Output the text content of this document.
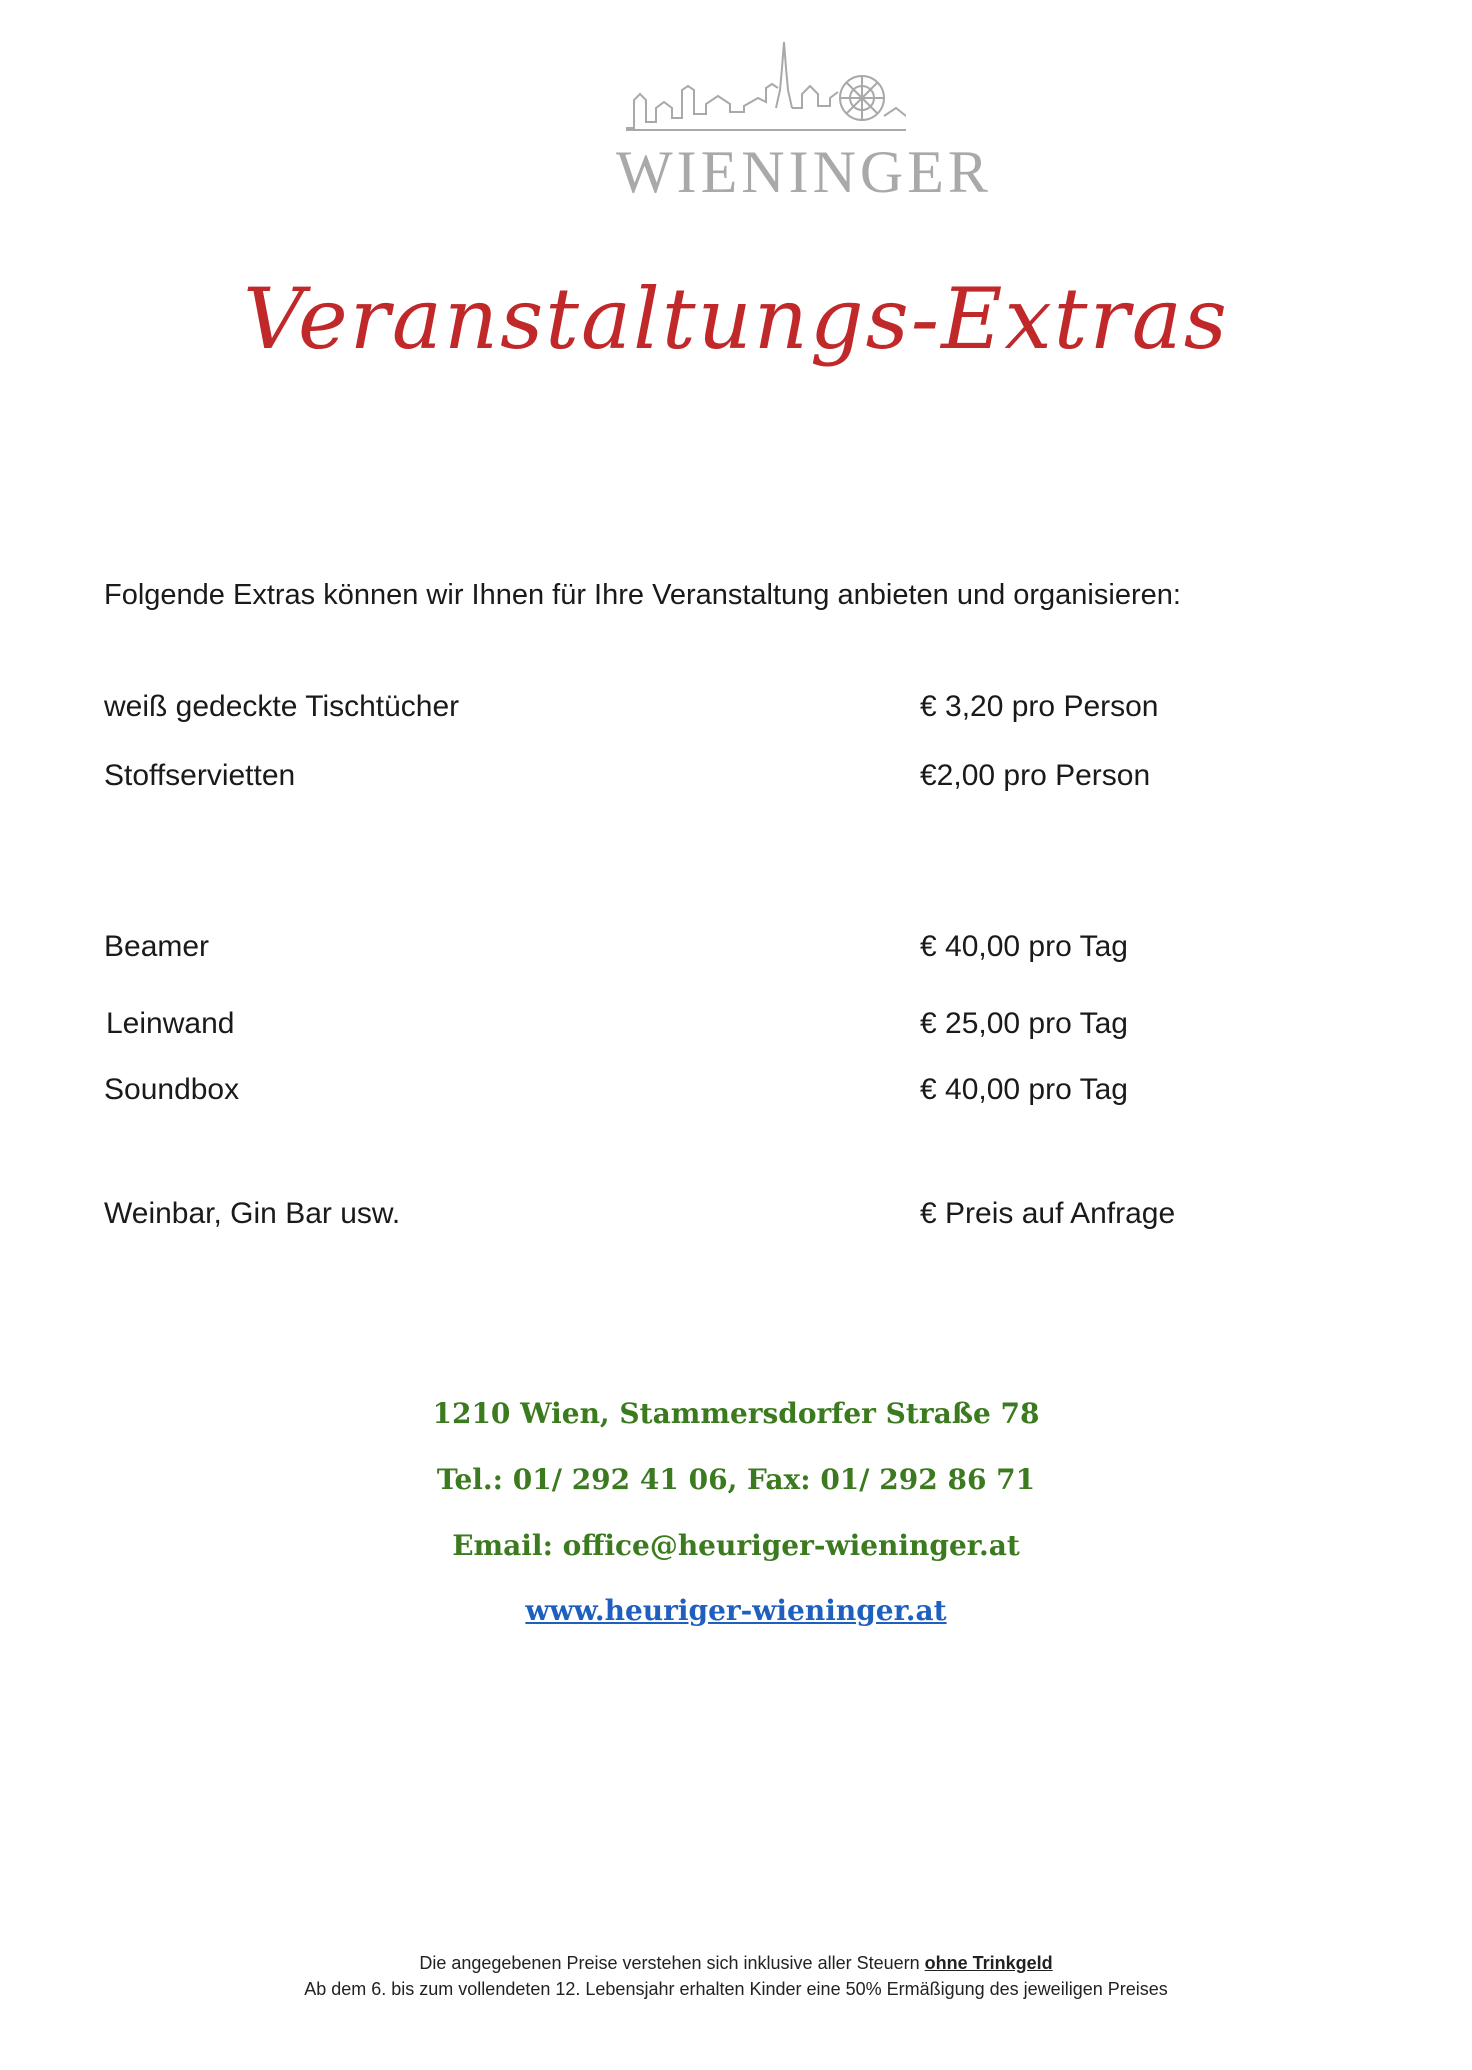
WIENINGER
Veranstaltungs-Extras
Folgende Extras können wir Ihnen für Ihre Veranstaltung anbieten und organisieren:
weiß gedeckte Tischtücher	€ 3,20 pro Person
Stoffservietten	€2,00 pro Person
Beamer	€ 40,00 pro Tag
Leinwand	€ 25,00 pro Tag
Soundbox	€ 40,00 pro Tag
Weinbar, Gin Bar usw.	€ Preis auf Anfrage
1210 Wien, Stammersdorfer Straße 78
Tel.: 01/ 292 41 06, Fax: 01/ 292 86 71
Email: office@heuriger-wieninger.at
www.heuriger-wieninger.at
Die angegebenen Preise verstehen sich inklusive aller Steuern ohne Trinkgeld
Ab dem 6. bis zum vollendeten 12. Lebensjahr erhalten Kinder eine 50% Ermäßigung des jeweiligen Preises
